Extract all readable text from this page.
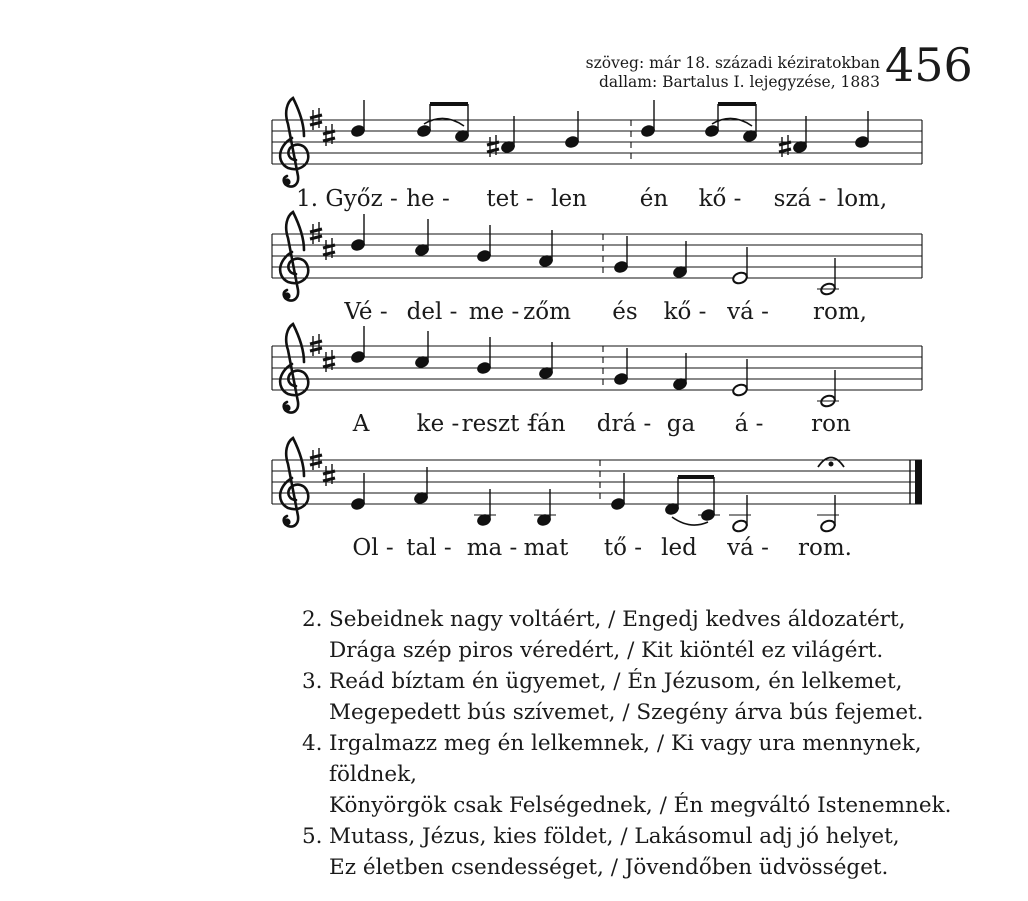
szöveg: már 18. századi kéziratokban
dallam: Bartalus I. lejegyzése, 1883 456
1. Győz - he - tet - len én kő - szá - lom,
Vé - del - me - zőm és kő - vá - rom,
A ke - reszt -
fán drá - ga á - ron
Ol - tal - ma - mat tő - led vá - rom.
2. Sebeidnek nagy voltáért, / Engedj kedves áldozatért,
Drága szép piros véredért, / Kit kiöntél ez világért.
3. Reád bíztam én ügyemet, / Én Jézusom, én lelkemet,
Megepedett bús szívemet, / Szegény árva bús fejemet.
4. Irgalmazz meg én lelkemnek, / Ki vagy ura mennynek,
földnek,
Könyörgök csak Felségednek, / Én megváltó Istenemnek.
5. Mutass, Jézus, kies földet, / Lakásomul adj jó helyet,
Ez életben csendességet, / Jövendőben üdvösséget.
